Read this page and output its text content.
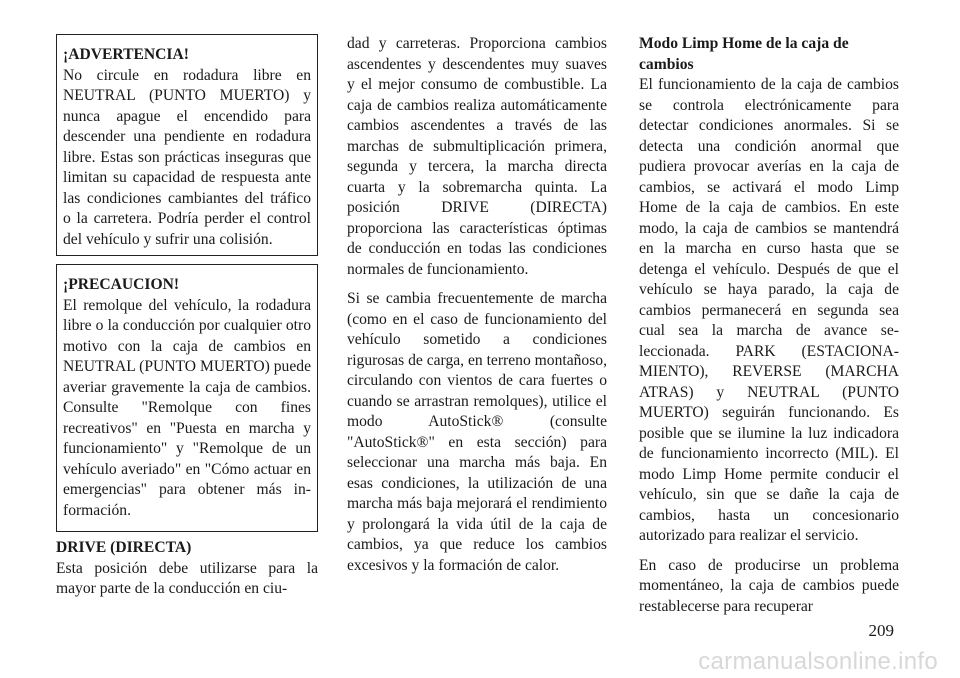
¡ADVERTENCIA!
No circule en rodadura libre en NEUTRAL (PUNTO MUERTO) y nunca apague el encendido para descender una pendiente en rodadura libre. Estas son prácticas inseguras que limitan su capacidad de respuesta ante las condiciones cambiantes del tráfico o la carretera. Podría perder el control del vehículo y sufrir una colisión.
¡PRECAUCION!
El remolque del vehículo, la rodadura libre o la conducción por cualquier otro motivo con la caja de cambios en NEUTRAL (PUNTO MUERTO) puede averiar gravemente la caja de cambios. Consulte "Remolque con fines recreativos" en "Puesta en marcha y funcionamiento" y "Remolque de un vehículo averiado" en "Cómo actuar en emergencias" para obtener más información.
DRIVE (DIRECTA)
Esta posición debe utilizarse para la mayor parte de la conducción en ciu-

dad y carreteras. Proporciona cambios ascendentes y descendentes muy suaves y el mejor consumo de combustible. La caja de cambios realiza automáticamente cambios ascendentes a través de las marchas de submultiplicación primera, segunda y tercera, la marcha directa cuarta y la sobremarcha quinta. La posición DRIVE (DIRECTA) proporciona las características óptimas de conducción en todas las condiciones normales de funcionamiento.

Si se cambia frecuentemente de marcha (como en el caso de funcionamiento del vehículo sometido a condiciones rigurosas de carga, en terreno montañoso, circulando con vientos de cara fuertes o cuando se arrastran remolques), utilice el modo AutoStick® (consulte "AutoStick®" en esta sección) para seleccionar una marcha más baja. En esas condiciones, la utilización de una marcha más baja mejorará el rendimiento y prolongará la vida útil de la caja de cambios, ya que reduce los cambios excesivos y la formación de calor.

Modo Limp Home de la caja de cambios

El funcionamiento de la caja de cambios se controla electrónicamente para detectar condiciones anormales. Si se detecta una condición anormal que pudiera provocar averías en la caja de cambios, se activará el modo Limp Home de la caja de cambios. En este modo, la caja de cambios se mantendrá en la marcha en curso hasta que se detenga el vehículo. Después de que el vehículo se haya parado, la caja de cambios permanecerá en segunda sea cual sea la marcha de avance seleccionada. PARK (ESTACIONAMIENTO), REVERSE (MARCHA ATRAS) y NEUTRAL (PUNTO MUERTO) seguirán funcionando. Es posible que se ilumine la luz indicadora de funcionamiento incorrecto (MIL). El modo Limp Home permite conducir el vehículo, sin que se dañe la caja de cambios, hasta un concesionario autorizado para realizar el servicio.

En caso de producirse un problema momentáneo, la caja de cambios puede restablecerse para recuperar

209
carmanualsonline.info
